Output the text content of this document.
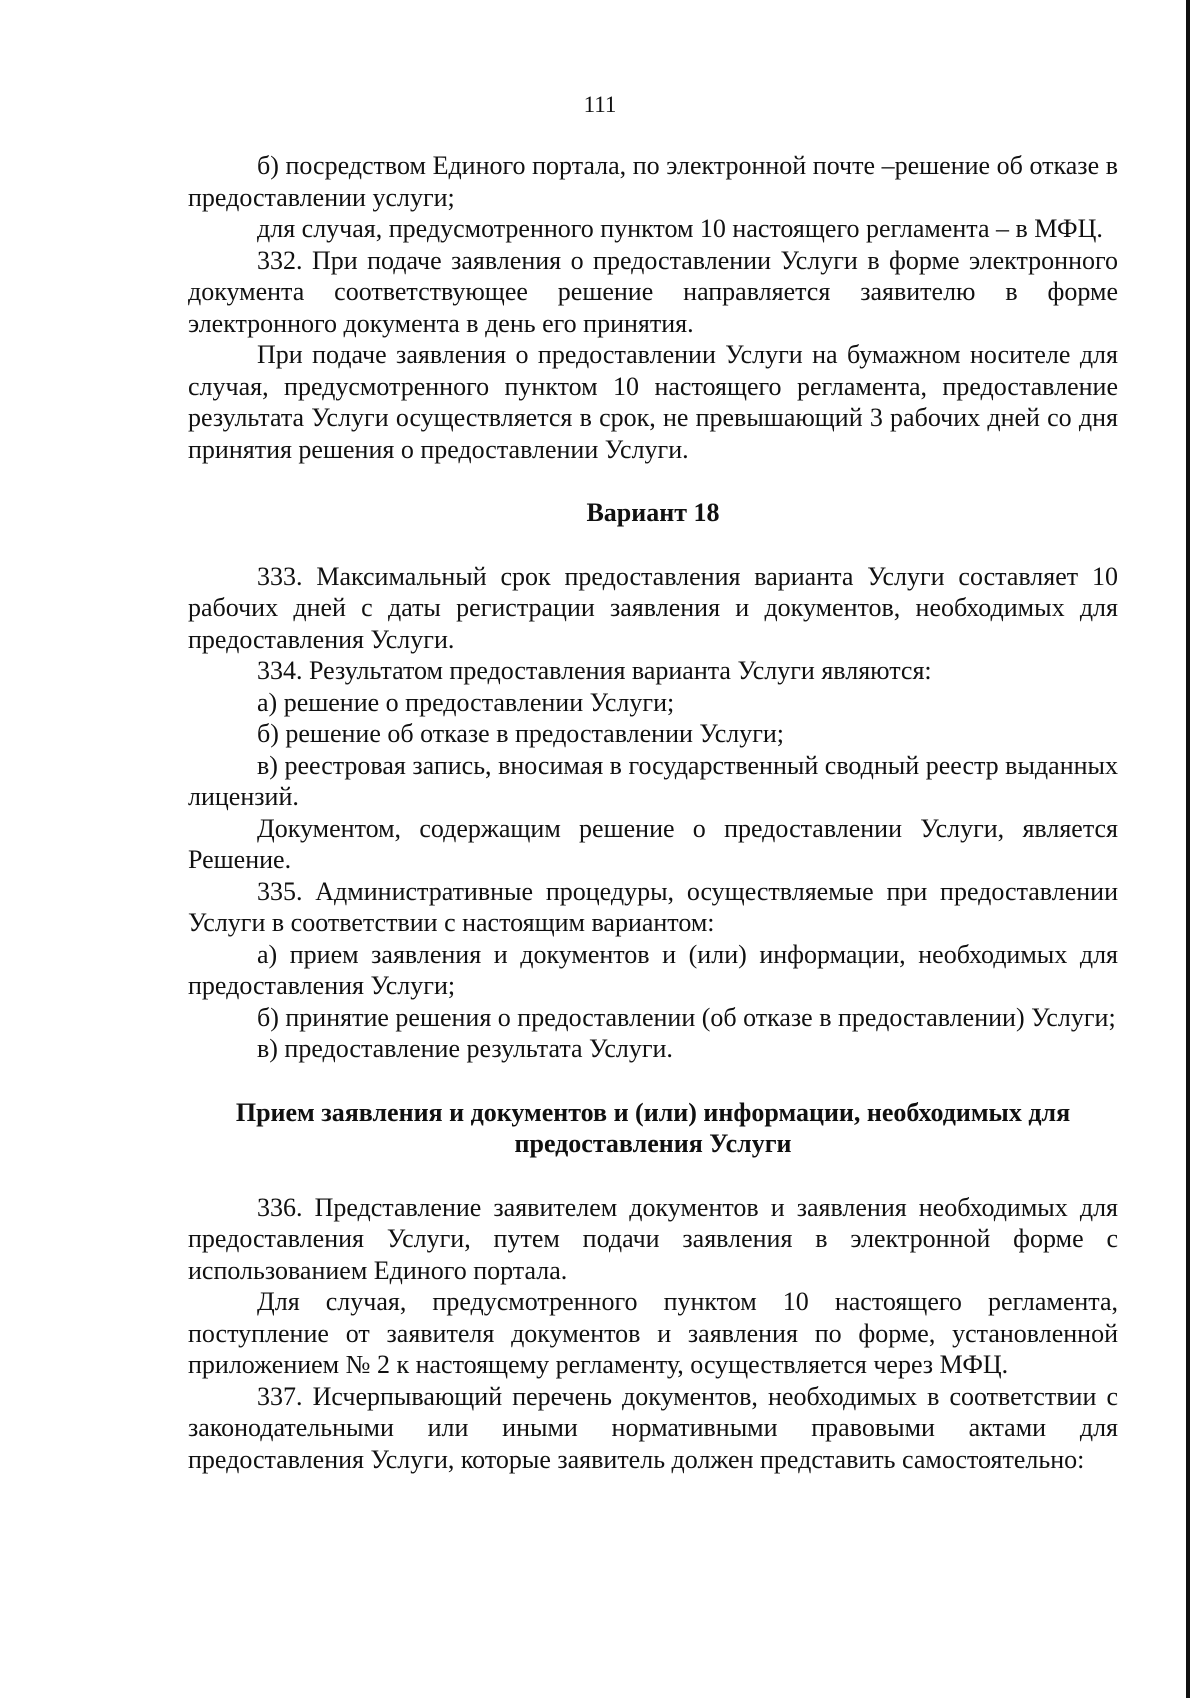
111

б) посредством Единого портала, по электронной почте –решение об отказе в предоставлении услуги;

для случая, предусмотренного пунктом 10 настоящего регламента – в МФЦ.

332. При подаче заявления о предоставлении Услуги в форме электронного документа соответствующее решение направляется заявителю в форме электронного документа в день его принятия.

При подаче заявления о предоставлении Услуги на бумажном носителе для случая, предусмотренного пунктом 10 настоящего регламента, предоставление результата Услуги осуществляется в срок, не превышающий 3 рабочих дней со дня принятия решения о предоставлении Услуги.

Вариант 18

333. Максимальный срок предоставления варианта Услуги составляет 10 рабочих дней с даты регистрации заявления и документов, необходимых для предоставления Услуги.

334. Результатом предоставления варианта Услуги являются:

а) решение о предоставлении Услуги;

б) решение об отказе в предоставлении Услуги;

в) реестровая запись, вносимая в государственный сводный реестр выданных лицензий.

Документом, содержащим решение о предоставлении Услуги, является Решение.

335. Административные процедуры, осуществляемые при предоставлении Услуги в соответствии с настоящим вариантом:

а) прием заявления и документов и (или) информации, необходимых для предоставления Услуги;

б) принятие решения о предоставлении (об отказе в предоставлении) Услуги;

в) предоставление результата Услуги.

Прием заявления и документов и (или) информации, необходимых для предоставления Услуги

336. Представление заявителем документов и заявления необходимых для предоставления Услуги, путем подачи заявления в электронной форме с использованием Единого портала.

Для случая, предусмотренного пунктом 10 настоящего регламента, поступление от заявителя документов и заявления по форме, установленной приложением № 2 к настоящему регламенту, осуществляется через МФЦ.

337. Исчерпывающий перечень документов, необходимых в соответствии с законодательными или иными нормативными правовыми актами для предоставления Услуги, которые заявитель должен представить самостоятельно:
